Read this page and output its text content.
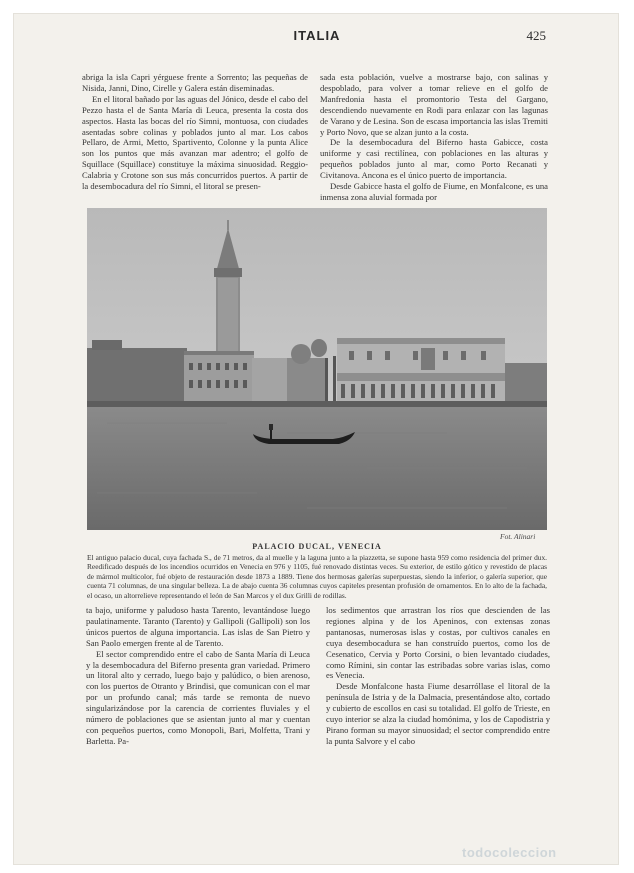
ITALIA	425

abriga la isla Capri yérguese frente a Sorrento; las pequeñas de Nisida, Janni, Dino, Cirelle y Galera están diseminadas.

En el litoral bañado por las aguas del Jónico, desde el cabo del Pezzo hasta el de Santa María di Leuca, presenta la costa dos aspectos. Hasta las bocas del río Simni, montuosa, con ciudades asentadas sobre colinas y poblados junto al mar. Los cabos Pellaro, de Armi, Metto, Spartivento, Colonne y la punta Alice son los puntos que más avanzan mar adentro; el golfo de Squillace (Squillace) constituye la máxima sinuosidad. Reggio-Calabria y Crotone son sus más concurridos puertos. A partir de la desembocadura del río Simni, el litoral se presen-

sada esta población, vuelve a mostrarse bajo, con salinas y despoblado, para volver a tomar relieve en el golfo de Manfredonia hasta el promontorio Testa del Gargano, descendiendo nuevamente en Rodi para enlazar con las lagunas de Varano y de Lesina. Son de escasa importancia las islas Tremiti y Porto Novo, que se alzan junto a la costa.

De la desembocadura del Biferno hasta Gabicce, costa uniforme y casi rectilínea, con poblaciones en las alturas y pequeños poblados junto al mar, como Porto Recanati y Civitanova. Ancona es el único puerto de importancia.

Desde Gabicce hasta el golfo de Fiume, en Monfalcone, es una inmensa zona aluvial formada por

Fot. Alinari
PALACIO DUCAL, VENECIA
El antiguo palacio ducal, cuya fachada S., de 71 metros, da al muelle y la laguna junto a la piazzetta, se supone hasta 959 como residencia del primer dux. Reedificado después de los incendios ocurridos en Venecia en 976 y 1105, fué renovado distintas veces. Su exterior, de estilo gótico y revestido de placas de mármol multicolor, fué objeto de restauración desde 1873 a 1889. Tiene dos hermosas galerías superpuestas, siendo la inferior, o galería superior, que cuenta 71 columnas, de una singular belleza. La de abajo cuenta 36 columnas cuyos capiteles presentan profusión de ornamentos. En lo alto de la fachada, el ocaso, un altorrelieve representando el león de San Marcos y el dux Grilli de rodillas.

ta bajo, uniforme y paludoso hasta Tarento, levantándose luego paulatinamente. Taranto (Tarento) y Gallipoli (Gallipoli) son los únicos puertos de alguna importancia. Las islas de San Pietro y San Paolo emergen frente al de Tarento.

El sector comprendido entre el cabo de Santa María di Leuca y la desembocadura del Biferno presenta gran variedad. Primero un litoral alto y cerrado, luego bajo y palúdico, o bien arenoso, con los puertos de Otranto y Brindisi, que comunican con el mar por un profundo canal; más tarde se remonta de nuevo singularizándose por la carencia de corrientes fluviales y el número de poblaciones que se asientan junto al mar y cuentan con pequeños puertos, como Monopoli, Bari, Molfetta, Trani y Barletta. Pa-

los sedimentos que arrastran los ríos que descienden de las regiones alpina y de los Apeninos, con extensas zonas pantanosas, numerosas islas y costas, por cultivos canales en cuya desembocadura se han construído puertos, como los de Cesenatico, Cervia y Porto Corsini, o bien levantado ciudades, como Rímini, sin contar las estribadas sobre varias islas, como es Venecia.

Desde Monfalcone hasta Fiume desarróllase el litoral de la península de Istria y de la Dalmacia, presentándose alto, cortado y cubierto de escollos en casi su totalidad. El golfo de Trieste, en cuyo interior se alza la ciudad homónima, y los de Capodistria y Pirano forman su mayor sinuosidad; el sector comprendido entre la punta Salvore y el cabo

todocoleccion
